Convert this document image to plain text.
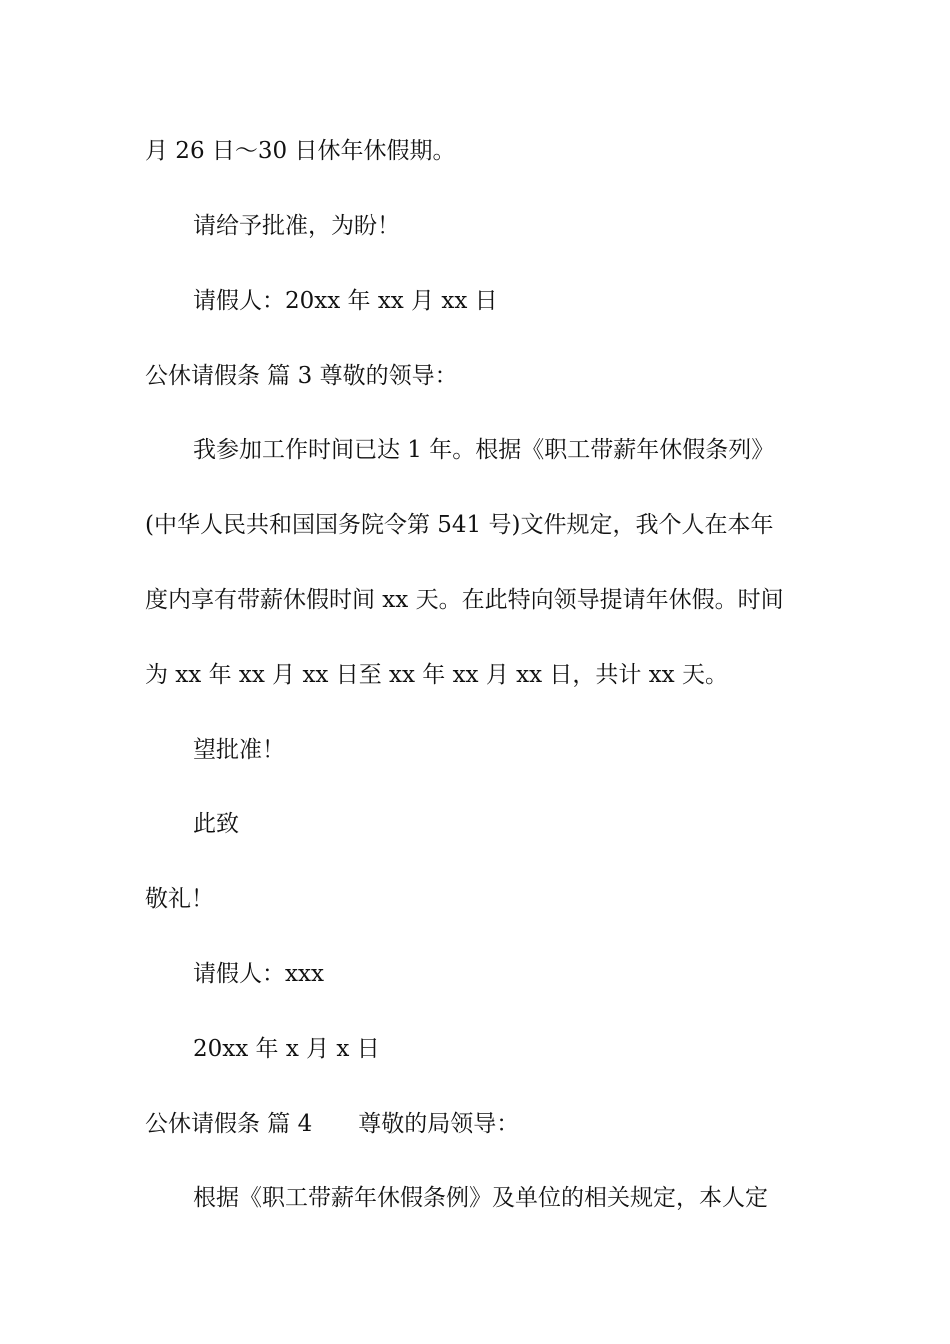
月 26 日～30 日休年休假期。
请给予批准，为盼！
请假人：20xx 年 xx 月 xx 日
公休请假条 篇 3 尊敬的领导：
我参加工作时间已达 1 年。根据《职工带薪年休假条列》
(中华人民共和国国务院令第 541 号)文件规定，我个人在本年
度内享有带薪休假时间 xx 天。在此特向领导提请年休假。时间
为 xx 年 xx 月 xx 日至 xx 年 xx 月 xx 日，共计 xx 天。
望批准！
此致
敬礼！
请假人：xxx
20xx 年 x 月 x 日
公休请假条 篇 4 尊敬的局领导：
根据《职工带薪年休假条例》及单位的相关规定，本人定
